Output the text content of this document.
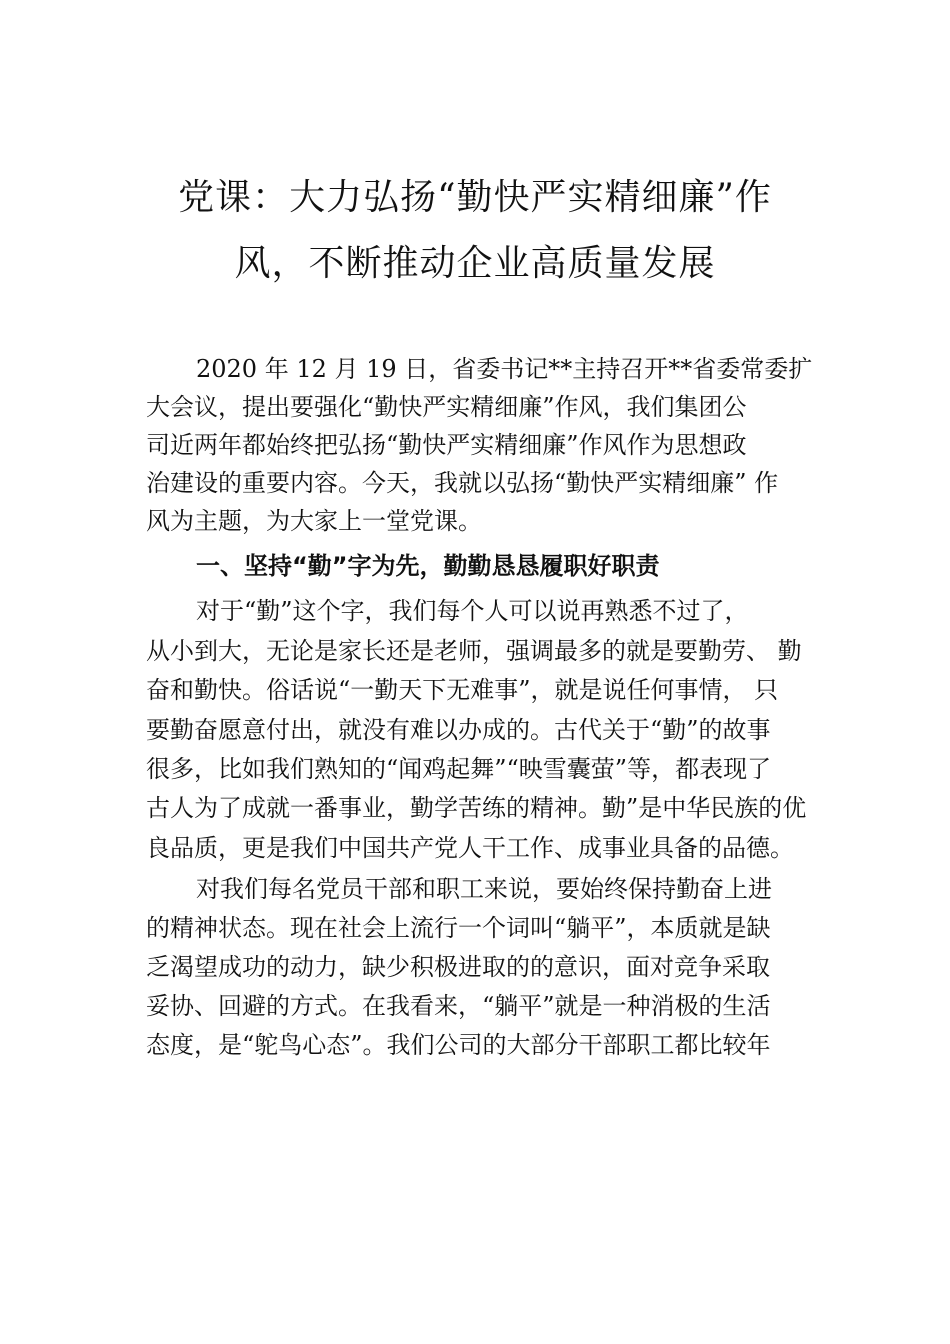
党课：大力弘扬“勤快严实精细廉”作
风，不断推动企业高质量发展
2020 年 12 月 19 日，省委书记**主持召开**省委常委扩
大会议，提出要强化“勤快严实精细廉”作风，我们集团公
司近两年都始终把弘扬“勤快严实精细廉”作风作为思想政
治建设的重要内容。今天，我就以弘扬“勤快严实精细廉” 作
风为主题，为大家上一堂党课。
一、坚持“勤”字为先，勤勤恳恳履职好职责
对于“勤”这个字，我们每个人可以说再熟悉不过了，
从小到大，无论是家长还是老师，强调最多的就是要勤劳、 勤
奋和勤快。俗话说“一勤天下无难事”，就是说任何事情， 只
要勤奋愿意付出，就没有难以办成的。古代关于“勤”的故事
很多，比如我们熟知的“闻鸡起舞”“映雪囊萤”等，都表现了
古人为了成就一番事业，勤学苦练的精神。勤”是中华民族的优
良品质，更是我们中国共产党人干工作、成事业具备的品德。
对我们每名党员干部和职工来说，要始终保持勤奋上进
的精神状态。现在社会上流行一个词叫“躺平”，本质就是缺
乏渴望成功的动力，缺少积极进取的的意识，面对竞争采取
妥协、回避的方式。在我看来，“躺平”就是一种消极的生活
态度，是“鸵鸟心态”。我们公司的大部分干部职工都比较年
